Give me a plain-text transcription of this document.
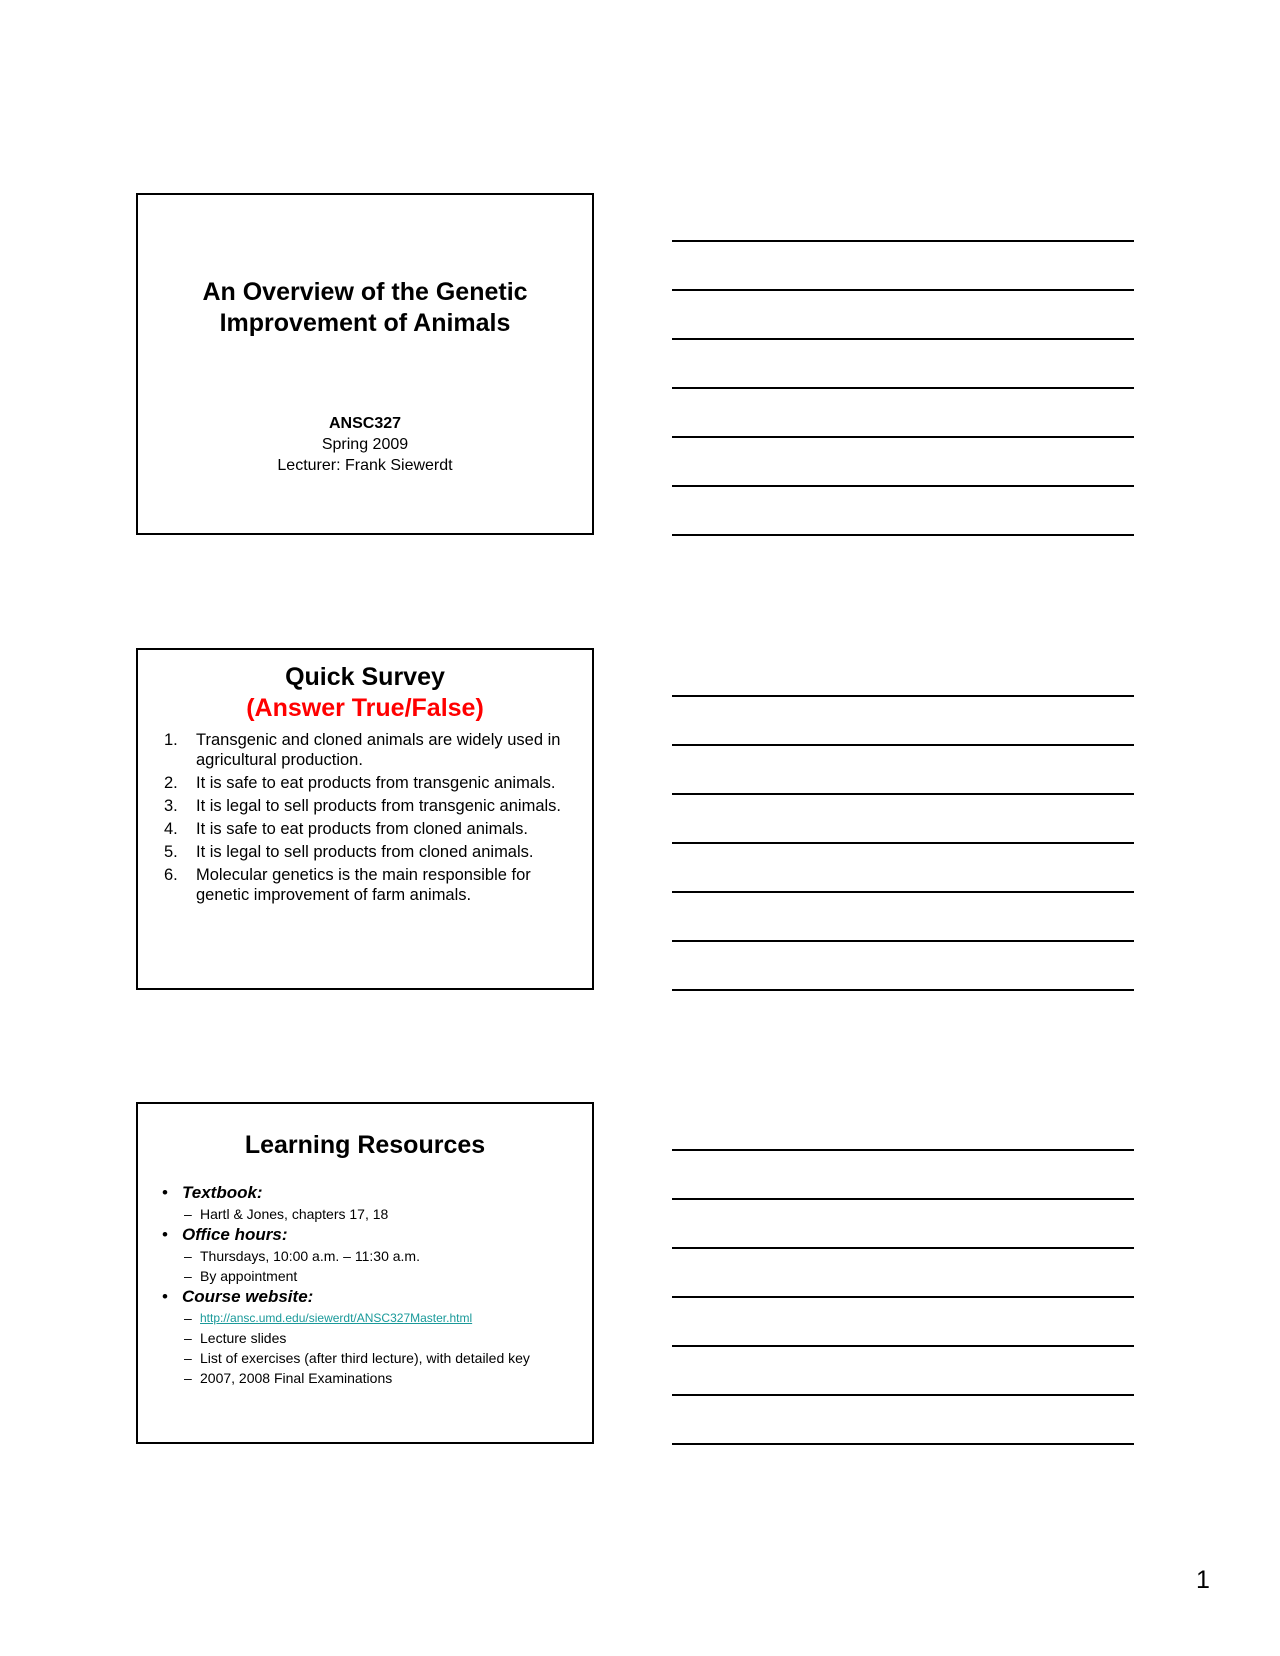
An Overview of the Genetic
Improvement of Animals
ANSC327
Spring 2009
Lecturer: Frank Siewerdt
Quick Survey
(Answer True/False)
1.	Transgenic and cloned animals are widely used in agricultural production.
2.	It is safe to eat products from transgenic animals.
3.	It is legal to sell products from transgenic animals.
4.	It is safe to eat products from cloned animals.
5.	It is legal to sell products from cloned animals.
6.	Molecular genetics is the main responsible for genetic improvement of farm animals.
Learning Resources
• Textbook:
– Hartl & Jones, chapters 17, 18
• Office hours:
– Thursdays, 10:00 a.m. – 11:30 a.m.
– By appointment
• Course website:
– http://ansc.umd.edu/siewerdt/ANSC327Master.html
– Lecture slides
– List of exercises (after third lecture), with detailed key
– 2007, 2008 Final Examinations
1
